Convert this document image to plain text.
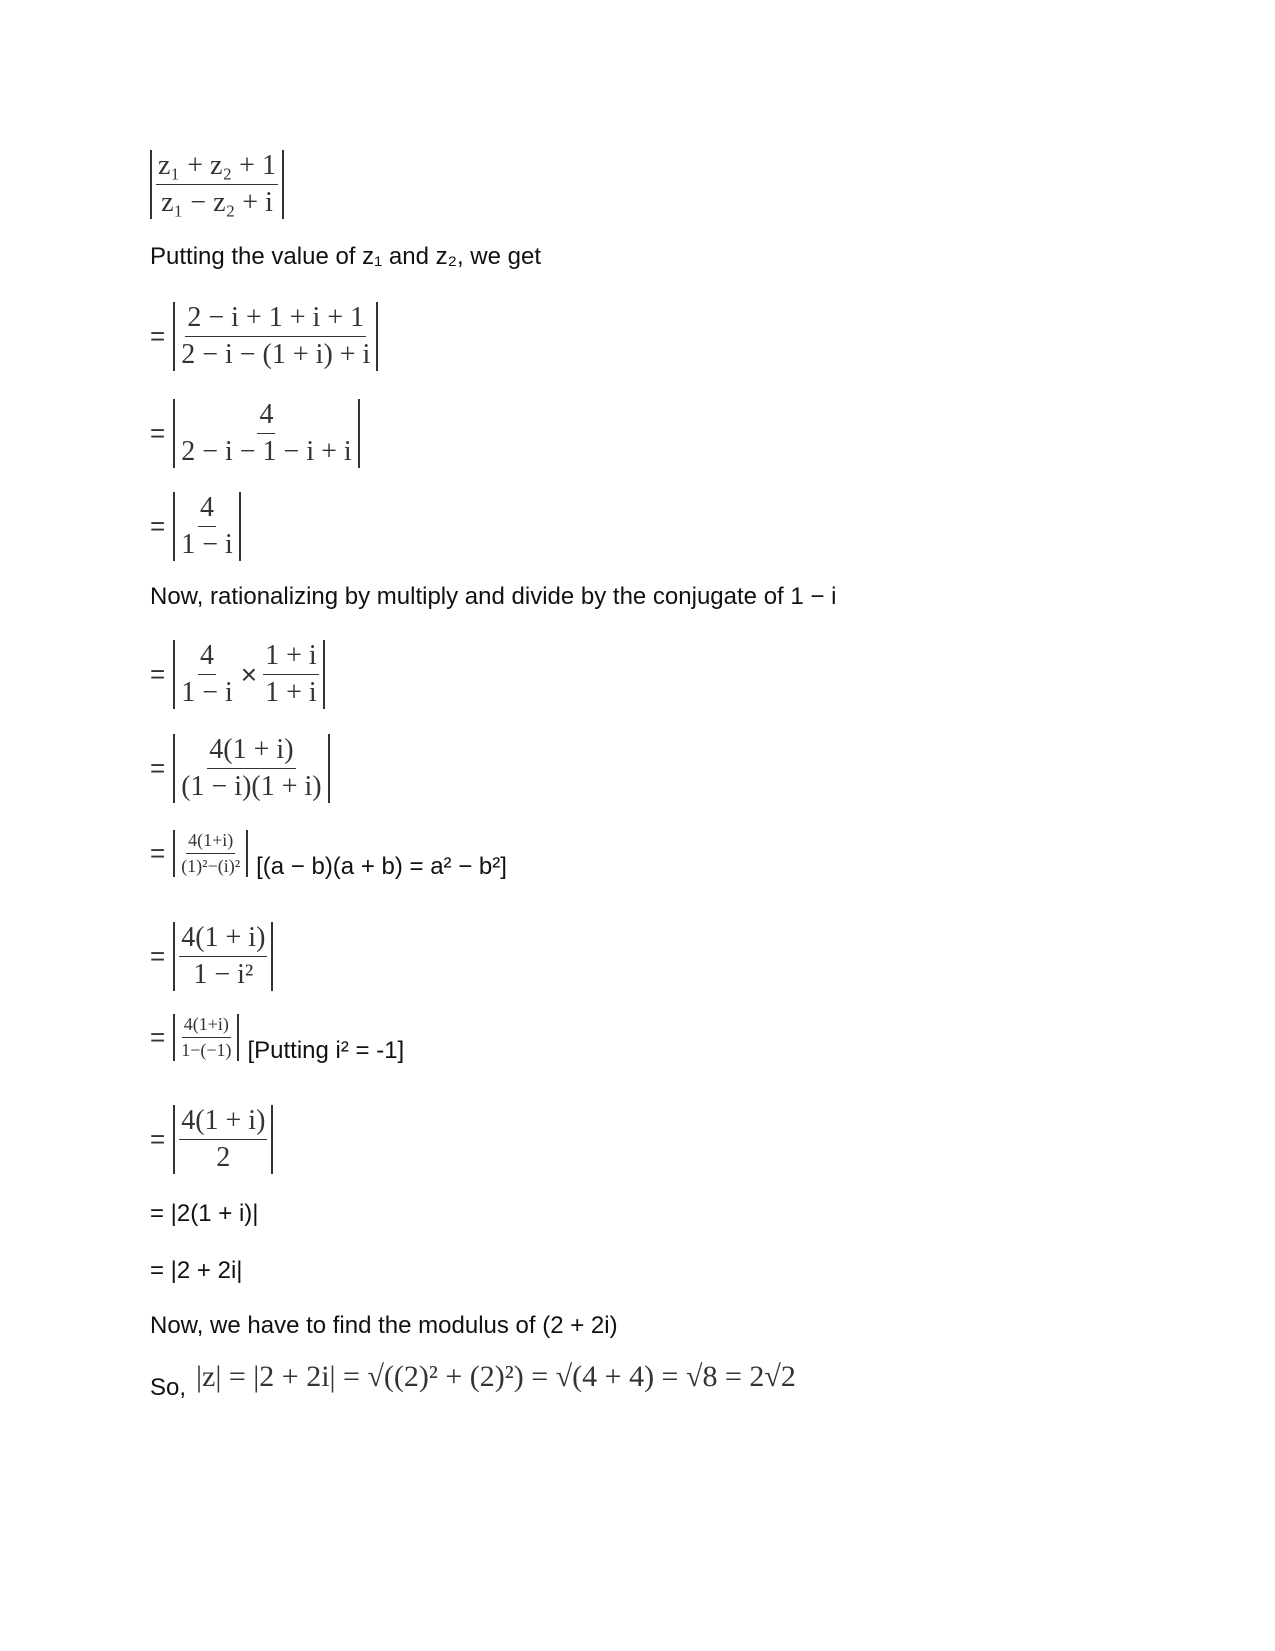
$\frac{\text{z₁ + z₂ + 1}}{\text{z₁ − z₂ + i}}$
Putting the value of z₁ and z₂, we get
= $\frac{2 - i + 1 + i + 1}{2 - i - (1 + i) + i}$
= $\frac{4}{2 - i - 1 - i + i}$
= $\frac{4}{1 - i}$
Now, rationalizing by multiply and divide by the conjugate of 1 − i
= $\frac{4}{1 - i} \times \frac{1 + i}{1 + i}$
= $\frac{4(1 + i)}{(1 - i)(1 + i)}$
= $\frac{4(1+i)}{\text{(1)²−(i)²}} [(a - b)(a + b) = a^2 - b^2]$
= $\frac{4(1 + i)}{\text{1 − i²}}$
= $\frac{4(1+i)}{1-(-1)}$ [Putting i² = -1]
= $\frac{4(1 + i)}{2}$
= |2(1 + i)|
= |2 + 2i|
Now, we have to find the modulus of (2 + 2i)
So, |z| = |2 + 2i| = √((2)² + (2)²) = √(4 + 4) = √8 = 2√2
